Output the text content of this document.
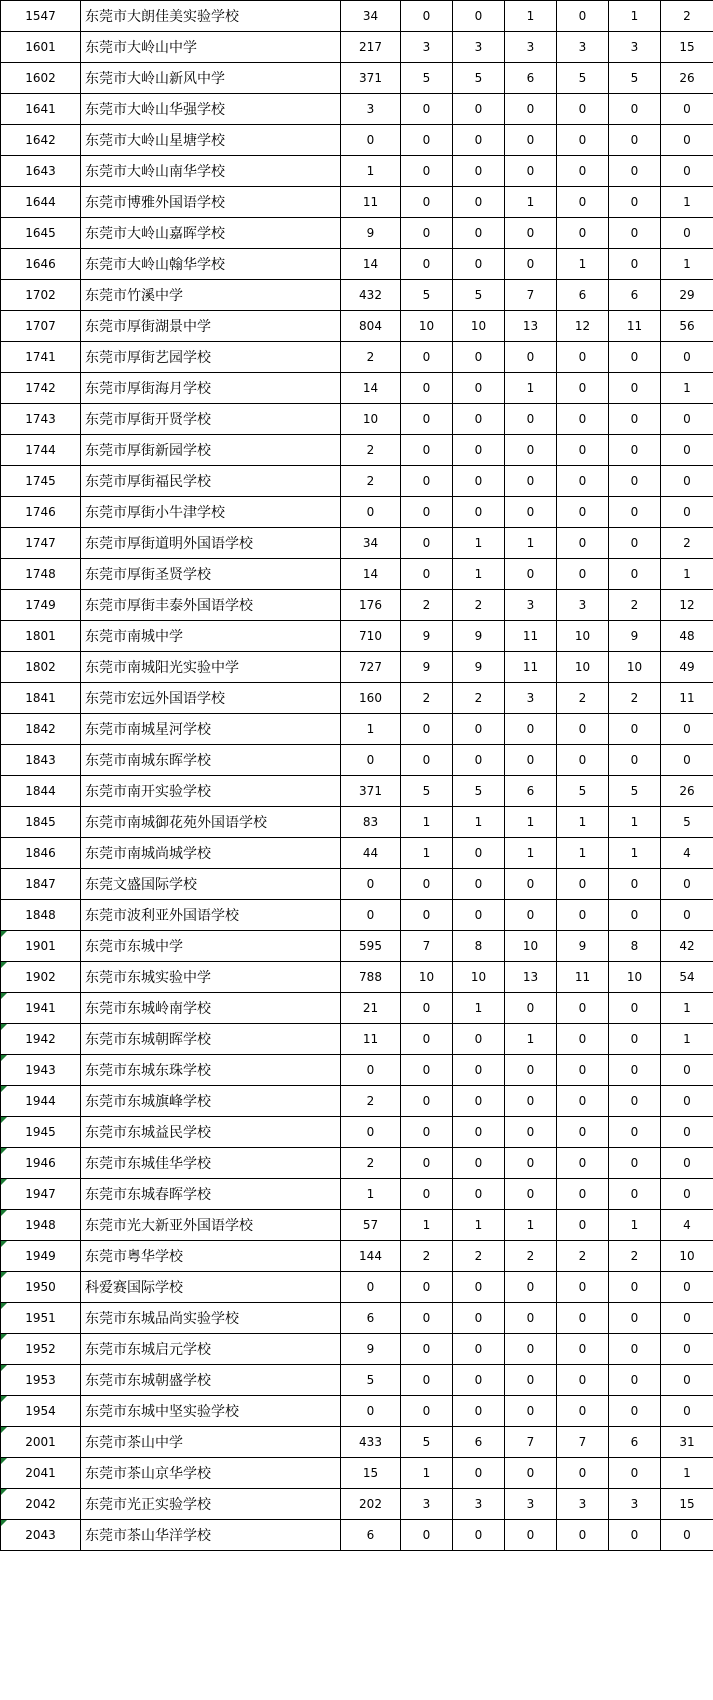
1547	东莞市大朗佳美实验学校	34	0	0	1	0	1	2
1601	东莞市大岭山中学	217	3	3	3	3	3	15
1602	东莞市大岭山新风中学	371	5	5	6	5	5	26
1641	东莞市大岭山华强学校	3	0	0	0	0	0	0
1642	东莞市大岭山星塘学校	0	0	0	0	0	0	0
1643	东莞市大岭山南华学校	1	0	0	0	0	0	0
1644	东莞市博雅外国语学校	11	0	0	1	0	0	1
1645	东莞市大岭山嘉晖学校	9	0	0	0	0	0	0
1646	东莞市大岭山翰华学校	14	0	0	0	1	0	1
1702	东莞市竹溪中学	432	5	5	7	6	6	29
1707	东莞市厚街湖景中学	804	10	10	13	12	11	56
1741	东莞市厚街艺园学校	2	0	0	0	0	0	0
1742	东莞市厚街海月学校	14	0	0	1	0	0	1
1743	东莞市厚街开贤学校	10	0	0	0	0	0	0
1744	东莞市厚街新园学校	2	0	0	0	0	0	0
1745	东莞市厚街福民学校	2	0	0	0	0	0	0
1746	东莞市厚街小牛津学校	0	0	0	0	0	0	0
1747	东莞市厚街道明外国语学校	34	0	1	1	0	0	2
1748	东莞市厚街圣贤学校	14	0	1	0	0	0	1
1749	东莞市厚街丰泰外国语学校	176	2	2	3	3	2	12
1801	东莞市南城中学	710	9	9	11	10	9	48
1802	东莞市南城阳光实验中学	727	9	9	11	10	10	49
1841	东莞市宏远外国语学校	160	2	2	3	2	2	11
1842	东莞市南城星河学校	1	0	0	0	0	0	0
1843	东莞市南城东晖学校	0	0	0	0	0	0	0
1844	东莞市南开实验学校	371	5	5	6	5	5	26
1845	东莞市南城御花苑外国语学校	83	1	1	1	1	1	5
1846	东莞市南城尚城学校	44	1	0	1	1	1	4
1847	东莞文盛国际学校	0	0	0	0	0	0	0
1848	东莞市波利亚外国语学校	0	0	0	0	0	0	0
1901	东莞市东城中学	595	7	8	10	9	8	42
1902	东莞市东城实验中学	788	10	10	13	11	10	54
1941	东莞市东城岭南学校	21	0	1	0	0	0	1
1942	东莞市东城朝晖学校	11	0	0	1	0	0	1
1943	东莞市东城东珠学校	0	0	0	0	0	0	0
1944	东莞市东城旗峰学校	2	0	0	0	0	0	0
1945	东莞市东城益民学校	0	0	0	0	0	0	0
1946	东莞市东城佳华学校	2	0	0	0	0	0	0
1947	东莞市东城春晖学校	1	0	0	0	0	0	0
1948	东莞市光大新亚外国语学校	57	1	1	1	0	1	4
1949	东莞市粤华学校	144	2	2	2	2	2	10
1950	科爱赛国际学校	0	0	0	0	0	0	0
1951	东莞市东城品尚实验学校	6	0	0	0	0	0	0
1952	东莞市东城启元学校	9	0	0	0	0	0	0
1953	东莞市东城朝盛学校	5	0	0	0	0	0	0
1954	东莞市东城中坚实验学校	0	0	0	0	0	0	0
2001	东莞市茶山中学	433	5	6	7	7	6	31
2041	东莞市茶山京华学校	15	1	0	0	0	0	1
2042	东莞市光正实验学校	202	3	3	3	3	3	15
2043	东莞市茶山华洋学校	6	0	0	0	0	0	0
